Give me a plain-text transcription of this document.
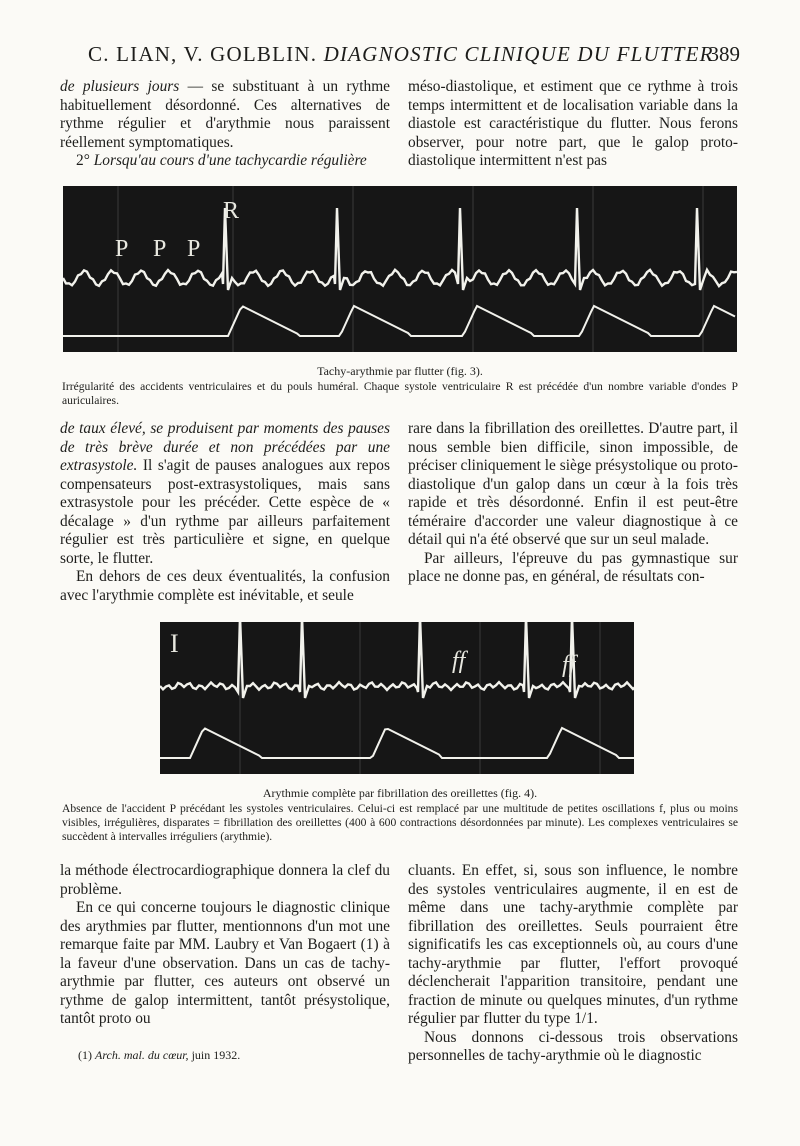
C. LIAN, V. GOLBLIN. DIAGNOSTIC CLINIQUE DU FLUTTER
389

de plusieurs jours — se substituant à un rythme habituellement désordonné. Ces alternatives de rythme régulier et d'arythmie nous paraissent réellement symptomatiques.

2° Lorsqu'au cours d'une tachycardie régulière

méso-diastolique, et estiment que ce rythme à trois temps intermittent et de localisation variable dans la diastole est caractéristique du flutter. Nous ferons observer, pour notre part, que le galop proto-diastolique intermittent n'est pas

P P P
R
Tachy-arythmie par flutter (fig. 3).
Irrégularité des accidents ventriculaires et du pouls huméral. Chaque systole ventriculaire R est précédée d'un nombre variable d'ondes P auriculaires.

de taux élevé, se produisent par moments des pauses de très brève durée et non précédées par une extrasystole. Il s'agit de pauses analogues aux repos compensateurs post-extrasystoliques, mais sans extrasystole pour les précéder. Cette espèce de « décalage » d'un rythme par ailleurs parfaitement régulier est très particulière et signe, en quelque sorte, le flutter.

En dehors de ces deux éventualités, la confusion avec l'arythmie complète est inévitable, et seule

rare dans la fibrillation des oreillettes. D'autre part, il nous semble bien difficile, sinon impossible, de préciser cliniquement le siège présystolique ou proto-diastolique d'un galop dans un cœur à la fois très rapide et très désordonné. Enfin il est peut-être téméraire d'accorder une valeur diagnostique à ce détail qui n'a été observé que sur un seul malade.

Par ailleurs, l'épreuve du pas gymnastique sur place ne donne pas, en général, de résultats con-

I
ff	ff
Arythmie complète par fibrillation des oreillettes (fig. 4).
Absence de l'accident P précédant les systoles ventriculaires. Celui-ci est remplacé par une multitude de petites oscillations f, plus ou moins visibles, irrégulières, disparates = fibrillation des oreillettes (400 à 600 contractions désordonnées par minute). Les complexes ventriculaires se succèdent à intervalles irréguliers (arythmie).

la méthode électrocardiographique donnera la clef du problème.

En ce qui concerne toujours le diagnostic clinique des arythmies par flutter, mentionnons d'un mot une remarque faite par MM. Laubry et Van Bogaert (1) à la faveur d'une observation. Dans un cas de tachy-arythmie par flutter, ces auteurs ont observé un rythme de galop intermittent, tantôt présystolique, tantôt proto ou

cluants. En effet, si, sous son influence, le nombre des systoles ventriculaires augmente, il en est de même dans une tachy-arythmie complète par fibrillation des oreillettes. Seuls pourraient être significatifs les cas exceptionnels où, au cours d'une tachy-arythmie par flutter, l'effort provoqué déclencherait l'apparition transitoire, pendant une fraction de minute ou quelques minutes, d'un rythme régulier par flutter du type 1/1.

Nous donnons ci-dessous trois observations personnelles de tachy-arythmie où le diagnostic

(1) Arch. mal. du cœur, juin 1932.
